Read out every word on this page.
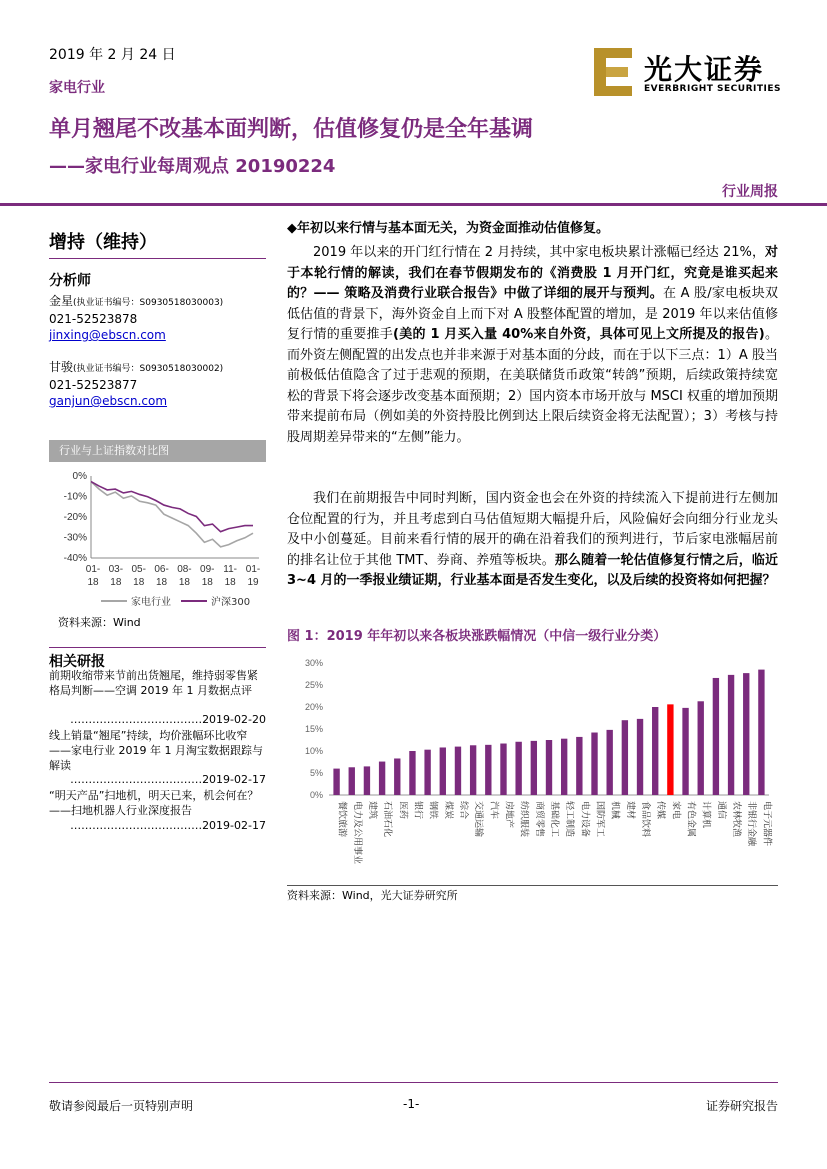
2019 年 2 月 24 日
家电行业
单月翘尾不改基本面判断，估值修复仍是全年基调
——家电行业每周观点 20190224
行业周报
光大证券
EVERBRIGHT SECURITIES
增持（维持）
分析师
金星(执业证书编号：S0930518030003)
021-52523878
jinxing@ebscn.com
甘骏(执业证书编号：S0930518030002)
021-52523877
ganjun@ebscn.com
行业与上证指数对比图
0%
-10%
-20%
-30%
-40%
01-
18
03-
18
05-
18
06-
18
08-
18
09-
18
11-
18
01-
19
家电行业	沪深300
资料来源：Wind
相关研报
前期收缩带来节前出货翘尾，维持弱零售紧格局判断——空调 2019 年 1 月数据点评
………………………………2019-02-20
线上销量“翘尾”持续，均价涨幅环比收窄——家电行业 2019 年 1 月淘宝数据跟踪与解读
………………………………2019-02-17
“明天产品”扫地机，明天已来，机会何在？——扫地机器人行业深度报告
………………………………2019-02-17
◆年初以来行情与基本面无关，为资金面推动估值修复。
2019 年以来的开门红行情在 2 月持续，其中家电板块累计涨幅已经达 21%，对于本轮行情的解读，我们在春节假期发布的《消费股 1 月开门红，究竟是谁买起来的？—— 策略及消费行业联合报告》中做了详细的展开与预判。在 A 股/家电板块双低估值的背景下，海外资金自上而下对 A 股整体配置的增加，是 2019 年以来估值修复行情的重要推手(美的 1 月买入量 40%来自外资，具体可见上文所提及的报告)。而外资左侧配置的出发点也并非来源于对基本面的分歧，而在于以下三点：1）A 股当前极低估值隐含了过于悲观的预期，在美联储货币政策“转鸽”预期，后续政策持续宽松的背景下将会逐步改变基本面预期；2）国内资本市场开放与 MSCI 权重的增加预期带来提前布局（例如美的外资持股比例到达上限后续资金将无法配置）；3）考核与持股周期差异带来的“左侧”能力。
我们在前期报告中同时判断，国内资金也会在外资的持续流入下提前进行左侧加仓位配置的行为，并且考虑到白马估值短期大幅提升后，风险偏好会向细分行业龙头及中小创蔓延。目前来看行情的展开的确在沿着我们的预判进行，节后家电涨幅居前的排名让位于其他 TMT、券商、养殖等板块。那么随着一轮估值修复行情之后，临近 3~4 月的一季报业绩证期，行业基本面是否发生变化，以及后续的投资将如何把握？
图 1：2019 年年初以来各板块涨跌幅情况（中信一级行业分类）
0%
5%
10%
15%
20%
25%
30%
餐饮旅游 电力及公用事业 建筑 石油石化 医药 银行 钢铁 煤炭 综合 交通运输 汽车 房地产 纺织服装 商贸零售 基础化工 轻工制造 电力设备 国防军工 机械 建材 食品饮料 传媒 家电 有色金属 计算机 通信 农林牧渔 非银行金融 电子元器件
资料来源：Wind，光大证券研究所
敬请参阅最后一页特别声明	-1-	证券研究报告
